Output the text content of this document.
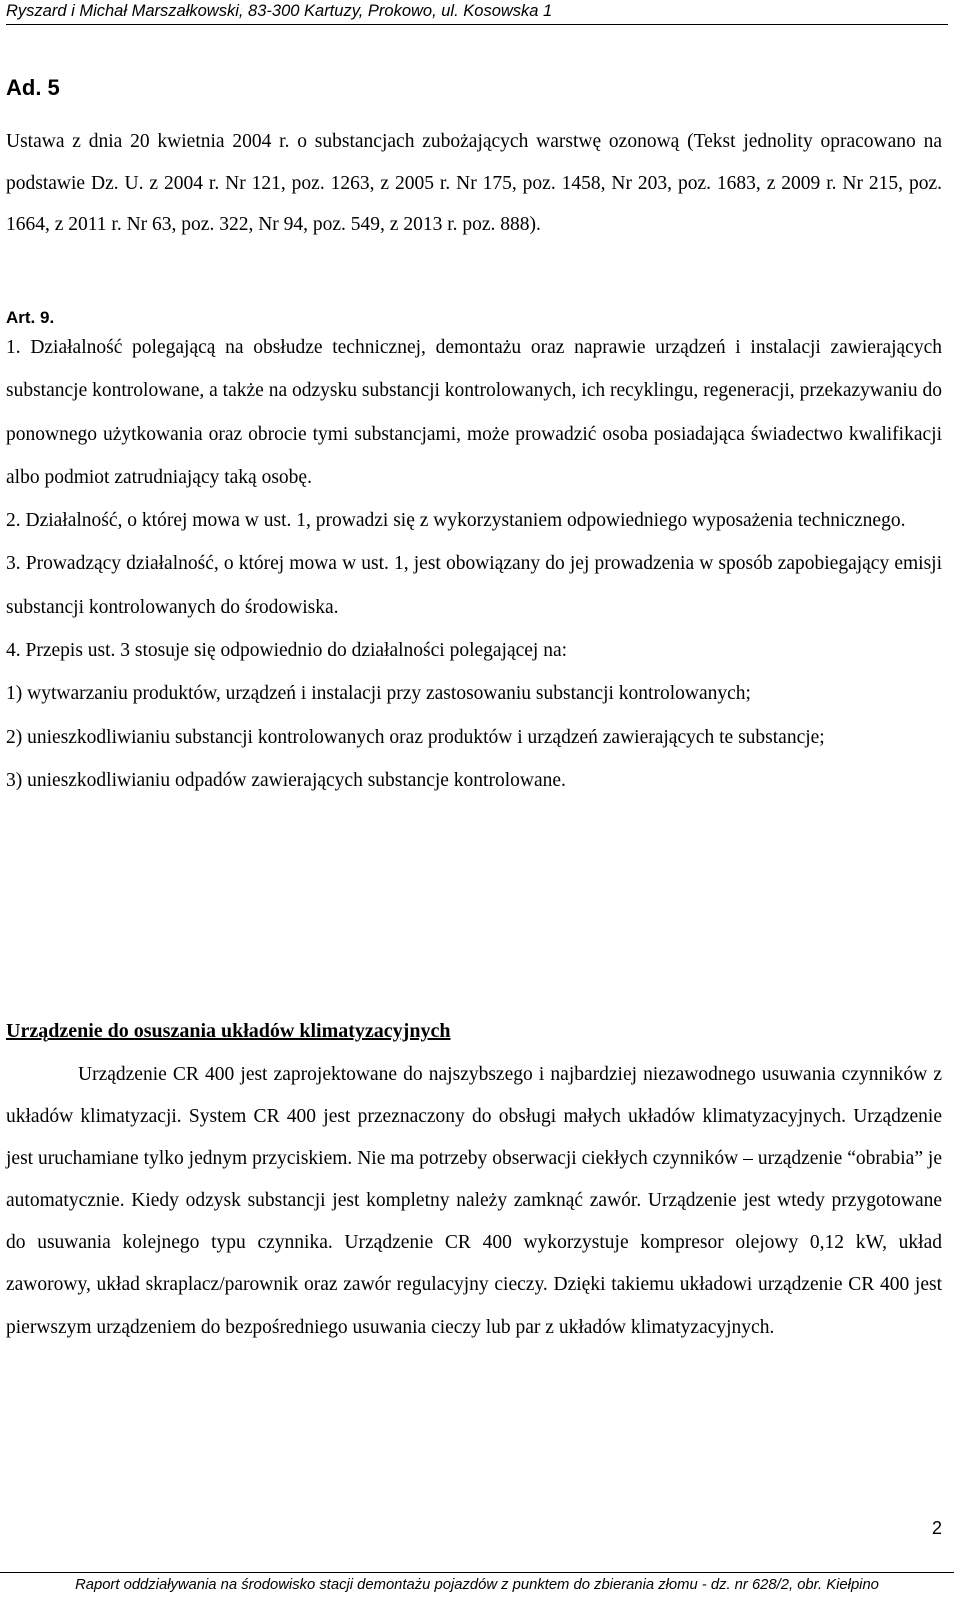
Ryszard i Michał Marszałkowski, 83-300 Kartuzy, Prokowo, ul. Kosowska 1
Ad. 5
Ustawa z dnia 20 kwietnia 2004 r. o substancjach zubożających warstwę ozonową (Tekst jednolity opracowano na podstawie Dz. U. z 2004 r. Nr 121, poz. 1263, z 2005 r. Nr 175, poz. 1458, Nr 203, poz. 1683, z 2009 r. Nr 215, poz. 1664, z 2011 r. Nr 63, poz. 322, Nr 94, poz. 549, z 2013 r. poz. 888).
Art. 9.

1. Działalność polegającą na obsłudze technicznej, demontażu oraz naprawie urządzeń i instalacji zawierających substancje kontrolowane, a także na odzysku substancji kontrolowanych, ich recyklingu, regeneracji, przekazywaniu do ponownego użytkowania oraz obrocie tymi substancjami, może prowadzić osoba posiadająca świadectwo kwalifikacji albo podmiot zatrudniający taką osobę.

2. Działalność, o której mowa w ust. 1, prowadzi się z wykorzystaniem odpowiedniego wyposażenia technicznego.

3. Prowadzący działalność, o której mowa w ust. 1, jest obowiązany do jej prowadzenia w sposób zapobiegający emisji substancji kontrolowanych do środowiska.

4. Przepis ust. 3 stosuje się odpowiednio do działalności polegającej na:

1) wytwarzaniu produktów, urządzeń i instalacji przy zastosowaniu substancji kontrolowanych;

2) unieszkodliwianiu substancji kontrolowanych oraz produktów i urządzeń zawierających te substancje;

3) unieszkodliwianiu odpadów zawierających substancje kontrolowane.

Urządzenie do osuszania układów klimatyzacyjnych

Urządzenie CR 400 jest zaprojektowane do najszybszego i najbardziej niezawodnego usuwania czynników z układów klimatyzacji. System CR 400 jest przeznaczony do obsługi małych układów klimatyzacyjnych. Urządzenie jest uruchamiane tylko jednym przyciskiem. Nie ma potrzeby obserwacji ciekłych czynników – urządzenie “obrabia” je automatycznie. Kiedy odzysk substancji jest kompletny należy zamknąć zawór. Urządzenie jest wtedy przygotowane do usuwania kolejnego typu czynnika. Urządzenie CR 400 wykorzystuje kompresor olejowy 0,12 kW, układ zaworowy, układ skraplacz/parownik oraz zawór regulacyjny cieczy. Dzięki takiemu układowi urządzenie CR 400 jest pierwszym urządzeniem do bezpośredniego usuwania cieczy lub par z układów klimatyzacyjnych.

2
Raport oddziaływania na środowisko stacji demontażu pojazdów z punktem do zbierania złomu - dz. nr 628/2, obr. Kiełpino
